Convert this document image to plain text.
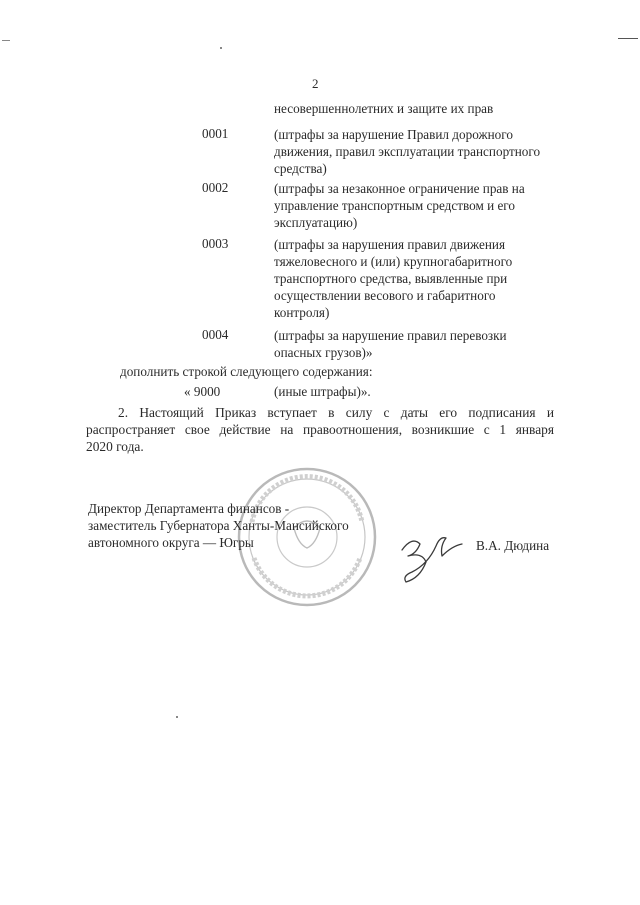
2
несовершеннолетних и защите их прав
0001	(штрафы за нарушение Правил дорожного
движения, правил эксплуатации транспортного
средства)
0002	(штрафы за незаконное ограничение прав на
управление транспортным средством и его
эксплуатацию)
0003	(штрафы за нарушения правил движения
тяжеловесного и (или) крупногабаритного
транспортного средства, выявленные при
осуществлении весового и габаритного
контроля)
0004	(штрафы за нарушение правил перевозки
опасных грузов)»
дополнить строкой следующего содержания:
« 9000	(иные штрафы)».
2. Настоящий Приказ вступает в силу с даты его подписания и
распространяет свое действие на правоотношения, возникшие с 1 января
2020 года.
Директор Департамента финансов -
заместитель Губернатора Ханты-Мансийского
автономного округа — Югры	В.А. Дюдина
